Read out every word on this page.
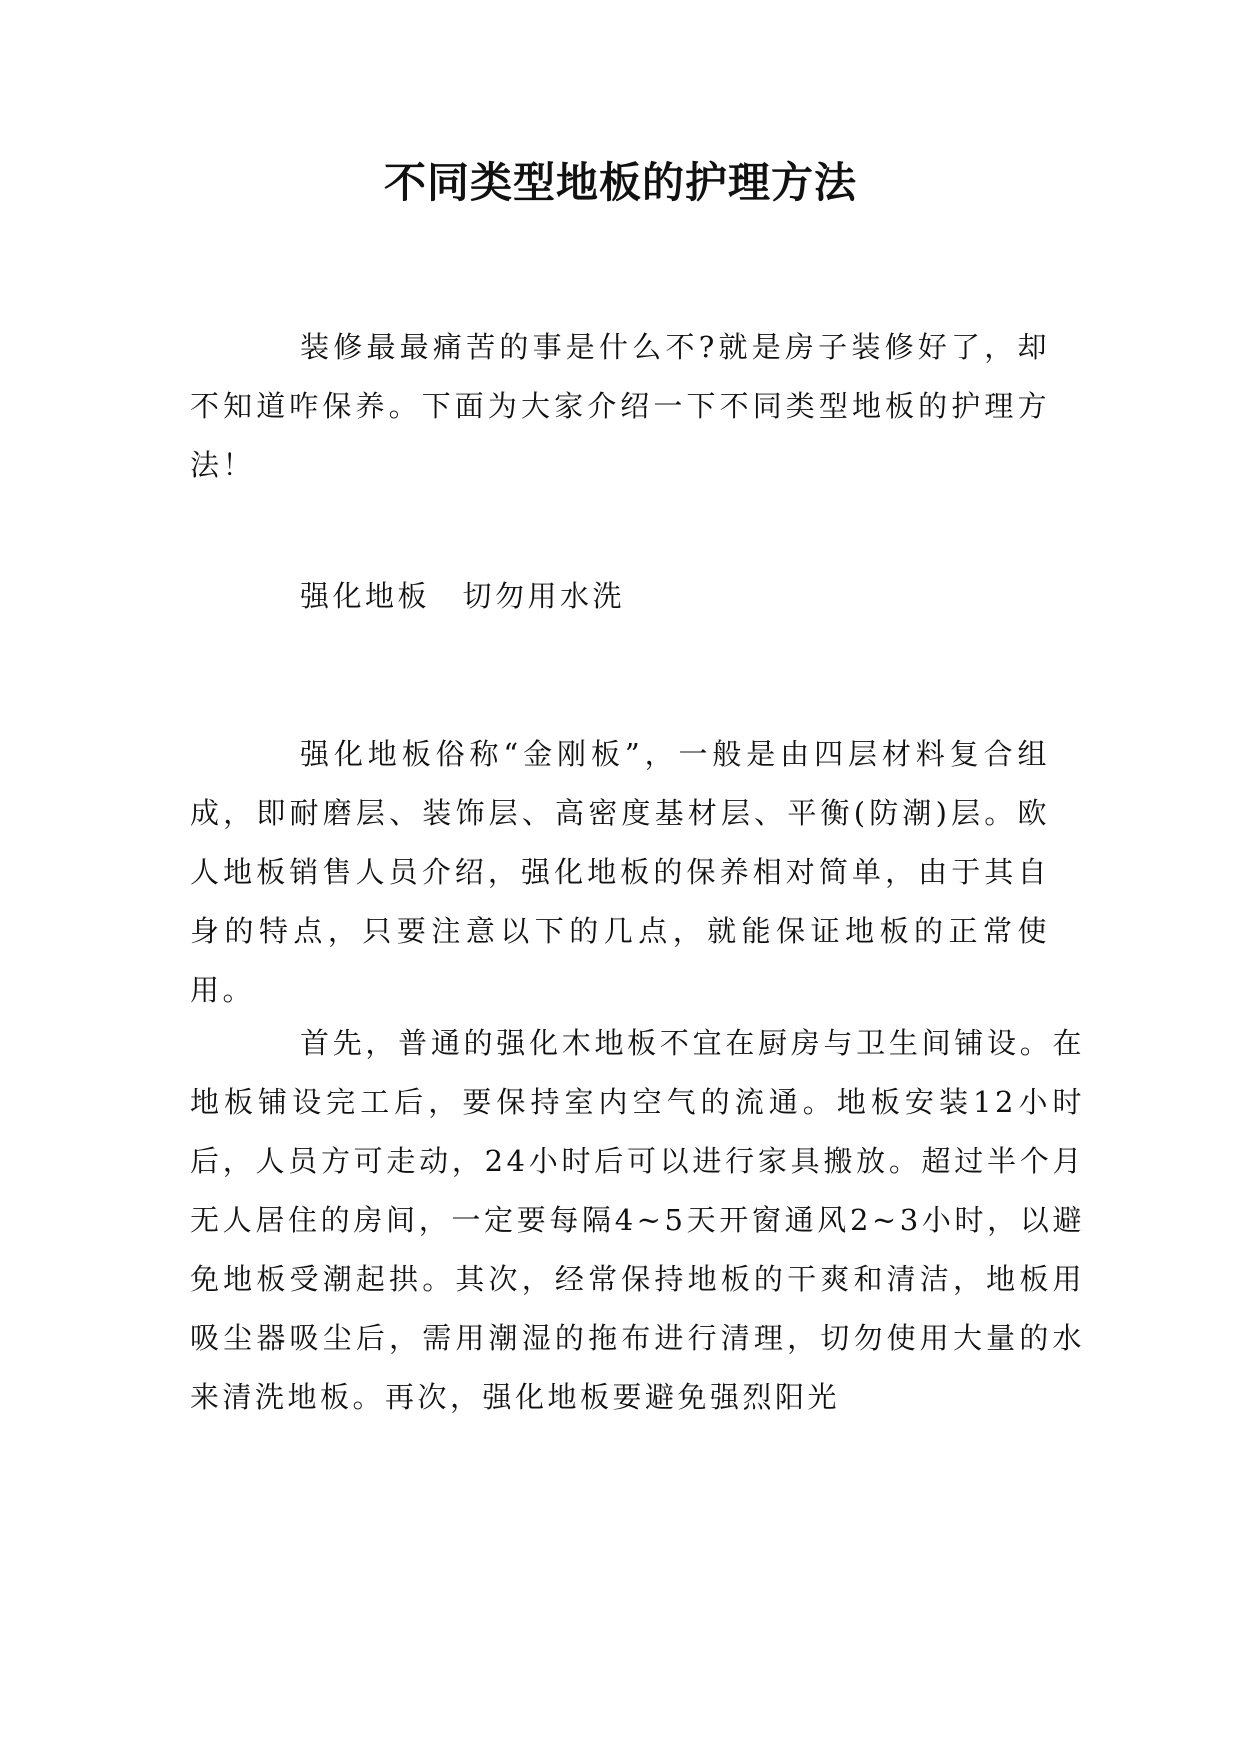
不同类型地板的护理方法

装修最最痛苦的事是什么不?就是房子装修好了，却不知道咋保养。下面为大家介绍一下不同类型地板的护理方法！

强化地板　切勿用水洗

强化地板俗称“金刚板”，一般是由四层材料复合组成，即耐磨层、装饰层、高密度基材层、平衡(防潮)层。欧人地板销售人员介绍，强化地板的保养相对简单，由于其自身的特点，只要注意以下的几点，就能保证地板的正常使用。

首先，普通的强化木地板不宜在厨房与卫生间铺设。在地板铺设完工后，要保持室内空气的流通。地板安装12小时后，人员方可走动，24小时后可以进行家具搬放。超过半个月无人居住的房间，一定要每隔4~5天开窗通风2~3小时，以避免地板受潮起拱。其次，经常保持地板的干爽和清洁，地板用吸尘器吸尘后，需用潮湿的拖布进行清理，切勿使用大量的水来清洗地板。再次，强化地板要避免强烈阳光
